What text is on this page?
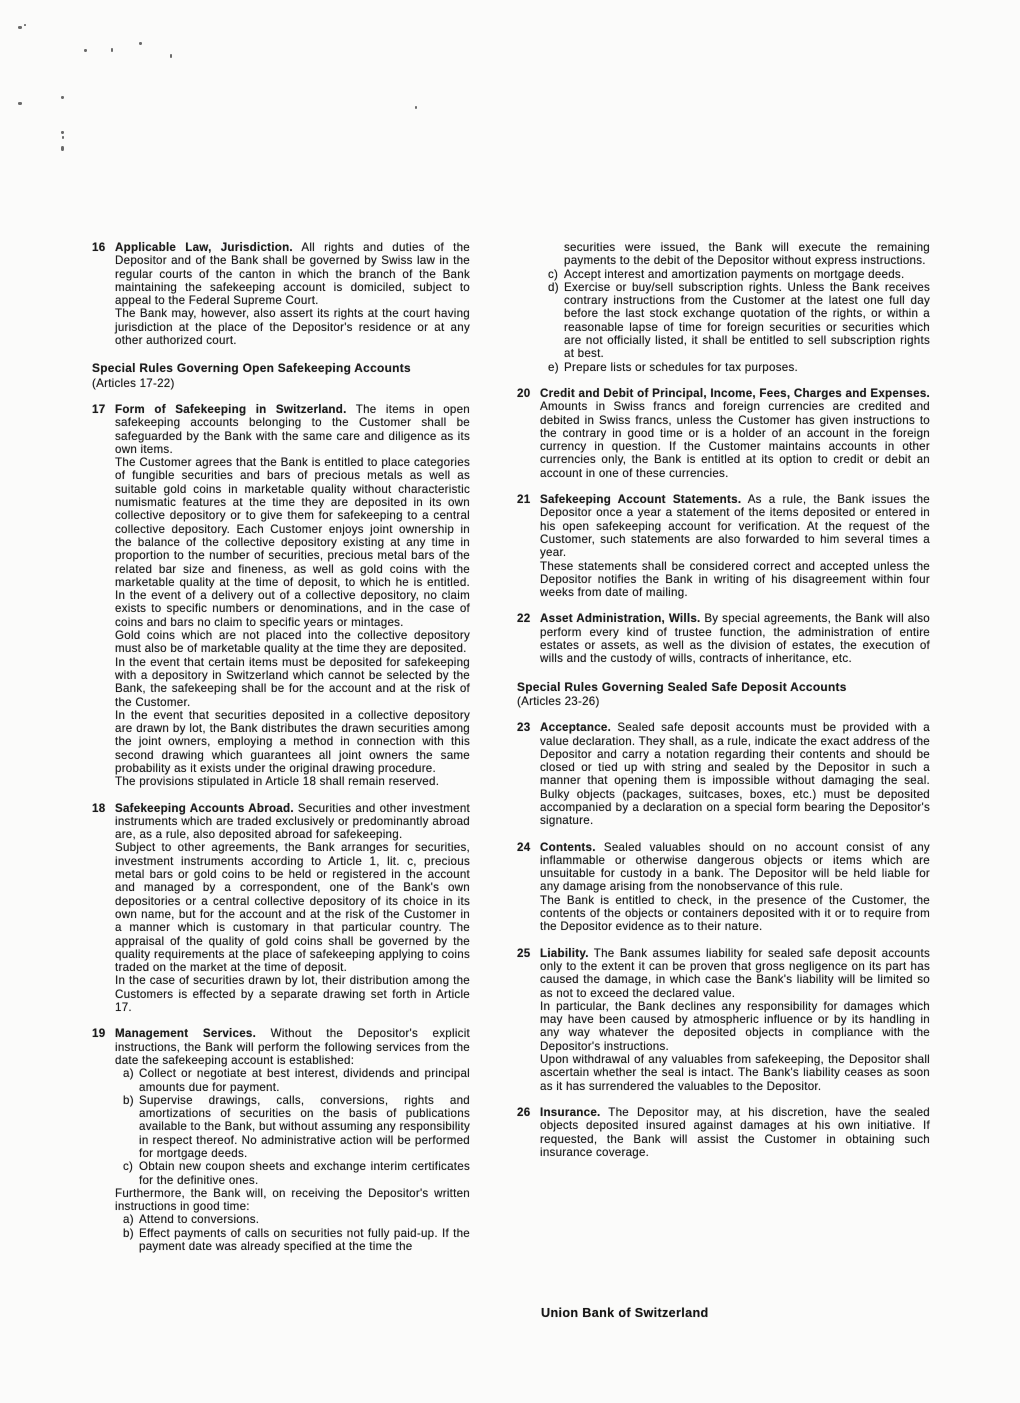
16 Applicable Law, Jurisdiction. All rights and duties of the Depositor and of the Bank shall be governed by Swiss law in the regular courts of the canton in which the branch of the Bank maintaining the safekeeping account is domiciled, subject to appeal to the Federal Supreme Court.

The Bank may, however, also assert its rights at the court having jurisdiction at the place of the Depositor's residence or at any other authorized court.

Special Rules Governing Open Safekeeping Accounts
(Articles 17-22)
17 Form of Safekeeping in Switzerland. The items in open safekeeping accounts belonging to the Customer shall be safeguarded by the Bank with the same care and diligence as its own items.

The Customer agrees that the Bank is entitled to place categories of fungible securities and bars of precious metals as well as suitable gold coins in marketable quality without characteristic numismatic features at the time they are deposited in its own collective depository or to give them for safekeeping to a central collective depository. Each Customer enjoys joint ownership in the balance of the collective depository existing at any time in proportion to the number of securities, precious metal bars of the related bar size and fineness, as well as gold coins with the marketable quality at the time of deposit, to which he is entitled. In the event of a delivery out of a collective depository, no claim exists to specific numbers or denominations, and in the case of coins and bars no claim to specific years or mintages.

Gold coins which are not placed into the collective depository must also be of marketable quality at the time they are deposited.

In the event that certain items must be deposited for safekeeping with a depository in Switzerland which cannot be selected by the Bank, the safekeeping shall be for the account and at the risk of the Customer.

In the event that securities deposited in a collective depository are drawn by lot, the Bank distributes the drawn securities among the joint owners, employing a method in connection with this second drawing which guarantees all joint owners the same probability as it exists under the original drawing procedure.

The provisions stipulated in Article 18 shall remain reserved.

18 Safekeeping Accounts Abroad. Securities and other investment instruments which are traded exclusively or predominantly abroad are, as a rule, also deposited abroad for safekeeping.

Subject to other agreements, the Bank arranges for securities, investment instruments according to Article 1, lit. c, precious metal bars or gold coins to be held or registered in the account and managed by a correspondent, one of the Bank's own depositories or a central collective depository of its choice in its own name, but for the account and at the risk of the Customer in a manner which is customary in that particular country. The appraisal of the quality of gold coins shall be governed by the quality requirements at the place of safekeeping applying to coins traded on the market at the time of deposit.

In the case of securities drawn by lot, their distribution among the Customers is effected by a separate drawing set forth in Article 17.

19 Management Services. Without the Depositor's explicit instructions, the Bank will perform the following services from the date the safekeeping account is established:

a) Collect or negotiate at best interest, dividends and principal amounts due for payment.
b) Supervise drawings, calls, conversions, rights and amortizations of securities on the basis of publications available to the Bank, but without assuming any responsibility in respect thereof. No administrative action will be performed for mortgage deeds.
c) Obtain new coupon sheets and exchange interim certificates for the definitive ones.

Furthermore, the Bank will, on receiving the Depositor's written instructions in good time:

a) Attend to conversions.
b) Effect payments of calls on securities not fully paid-up. If the payment date was already specified at the time the

securities were issued, the Bank will execute the remaining payments to the debit of the Depositor without express instructions.

c) Accept interest and amortization payments on mortgage deeds.
d) Exercise or buy/sell subscription rights. Unless the Bank receives contrary instructions from the Customer at the latest one full day before the last stock exchange quotation of the rights, or within a reasonable lapse of time for foreign securities or securities which are not officially listed, it shall be entitled to sell subscription rights at best.
e) Prepare lists or schedules for tax purposes.
20 Credit and Debit of Principal, Income, Fees, Charges and Expenses. Amounts in Swiss francs and foreign currencies are credited and debited in Swiss francs, unless the Customer has given instructions to the contrary in good time or is a holder of an account in the foreign currency in question. If the Customer maintains accounts in other currencies only, the Bank is entitled at its option to credit or debit an account in one of these currencies.

21 Safekeeping Account Statements. As a rule, the Bank issues the Depositor once a year a statement of the items deposited or entered in his open safekeeping account for verification. At the request of the Customer, such statements are also forwarded to him several times a year.

These statements shall be considered correct and accepted unless the Depositor notifies the Bank in writing of his disagreement within four weeks from date of mailing.

22 Asset Administration, Wills. By special agreements, the Bank will also perform every kind of trustee function, the administration of entire estates or assets, as well as the division of estates, the execution of wills and the custody of wills, contracts of inheritance, etc.

Special Rules Governing Sealed Safe Deposit Accounts
(Articles 23-26)
23 Acceptance. Sealed safe deposit accounts must be provided with a value declaration. They shall, as a rule, indicate the exact address of the Depositor and carry a notation regarding their contents and should be closed or tied up with string and sealed by the Depositor in such a manner that opening them is impossible without damaging the seal. Bulky objects (packages, suitcases, boxes, etc.) must be deposited accompanied by a declaration on a special form bearing the Depositor's signature.

24 Contents. Sealed valuables should on no account consist of any inflammable or otherwise dangerous objects or items which are unsuitable for custody in a bank. The Depositor will be held liable for any damage arising from the nonobservance of this rule.

The Bank is entitled to check, in the presence of the Customer, the contents of the objects or containers deposited with it or to require from the Depositor evidence as to their nature.

25 Liability. The Bank assumes liability for sealed safe deposit accounts only to the extent it can be proven that gross negligence on its part has caused the damage, in which case the Bank's liability will be limited so as not to exceed the declared value.

In particular, the Bank declines any responsibility for damages which may have been caused by atmospheric influence or by its handling in any way whatever the deposited objects in compliance with the Depositor's instructions.

Upon withdrawal of any valuables from safekeeping, the Depositor shall ascertain whether the seal is intact. The Bank's liability ceases as soon as it has surrendered the valuables to the Depositor.

26 Insurance. The Depositor may, at his discretion, have the sealed objects deposited insured against damages at his own initiative. If requested, the Bank will assist the Customer in obtaining such insurance coverage.

Union Bank of Switzerland
